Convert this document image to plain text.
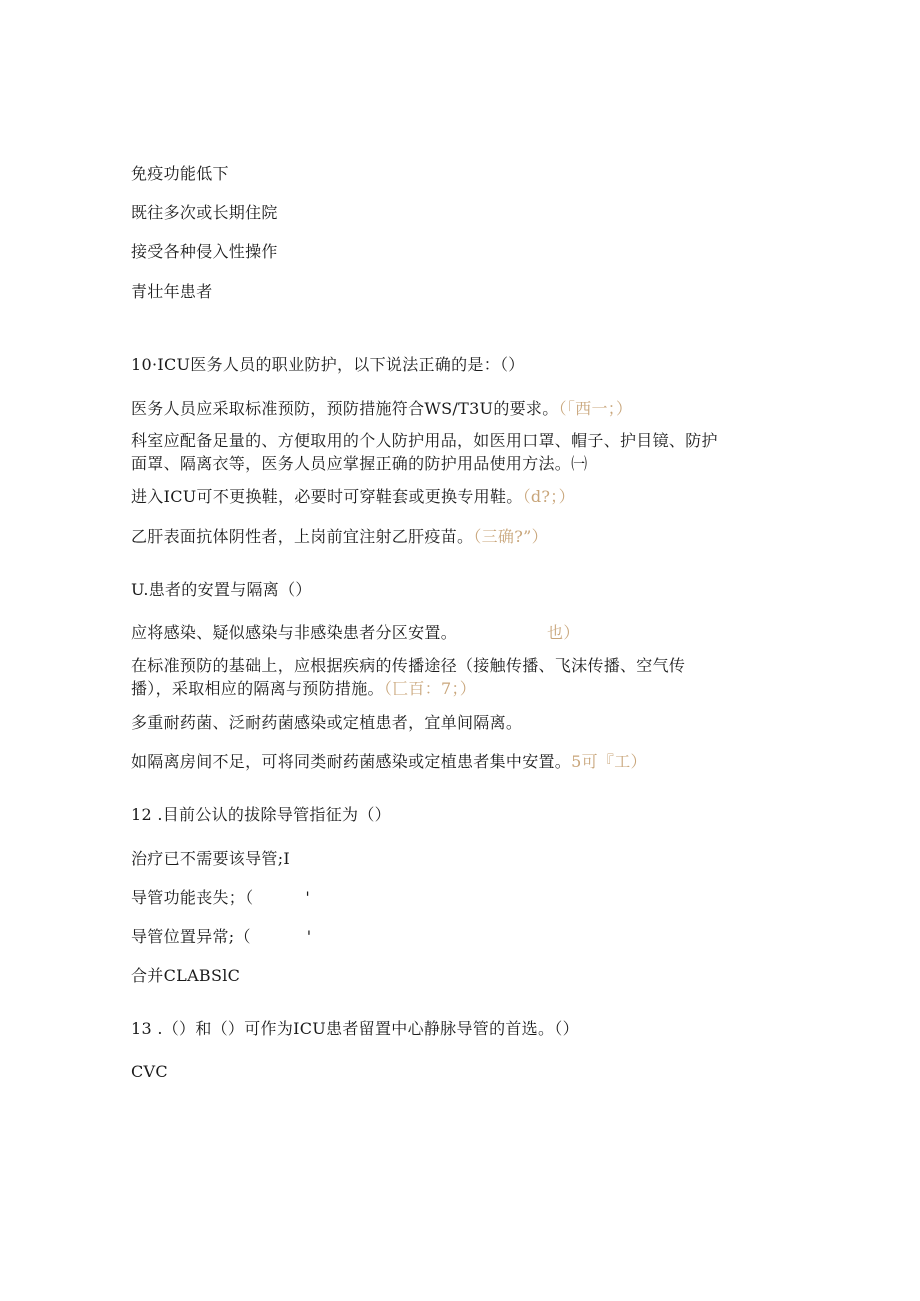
免疫功能低下
既往多次或长期住院
接受各种侵入性操作
青壮年患者
10·ICU医务人员的职业防护，以下说法正确的是：（）
医务人员应采取标准预防，预防措施符合WS/T3U的要求。（「西一；）
科室应配备足量的、方便取用的个人防护用品，如医用口罩、帽子、护目镜、防护
面罩、隔离衣等，医务人员应掌握正确的防护用品使用方法。㈠
进入ICU可不更换鞋，必要时可穿鞋套或更换专用鞋。（d?；）
乙肝表面抗体阴性者，上岗前宜注射乙肝疫苗。（三确?”）
U.患者的安置与隔离（）
应将感染、疑似感染与非感染患者分区安置。	也）
在标准预防的基础上，应根据疾病的传播途径（接触传播、飞沫传播、空气传
播），采取相应的隔离与预防措施。（匸百：7；）
多重耐药菌、泛耐药菌感染或定植患者，宜单间隔离。
如隔离房间不足，可将同类耐药菌感染或定植患者集中安置。5可『工）
12 .目前公认的拔除导管指征为（）
治疗已不需要该导管;I
导管功能丧失；（	'
导管位置异常;（	'
合并CLABSlC
13 .（）和（）可作为ICU患者留置中心静脉导管的首选。（）
CVC
